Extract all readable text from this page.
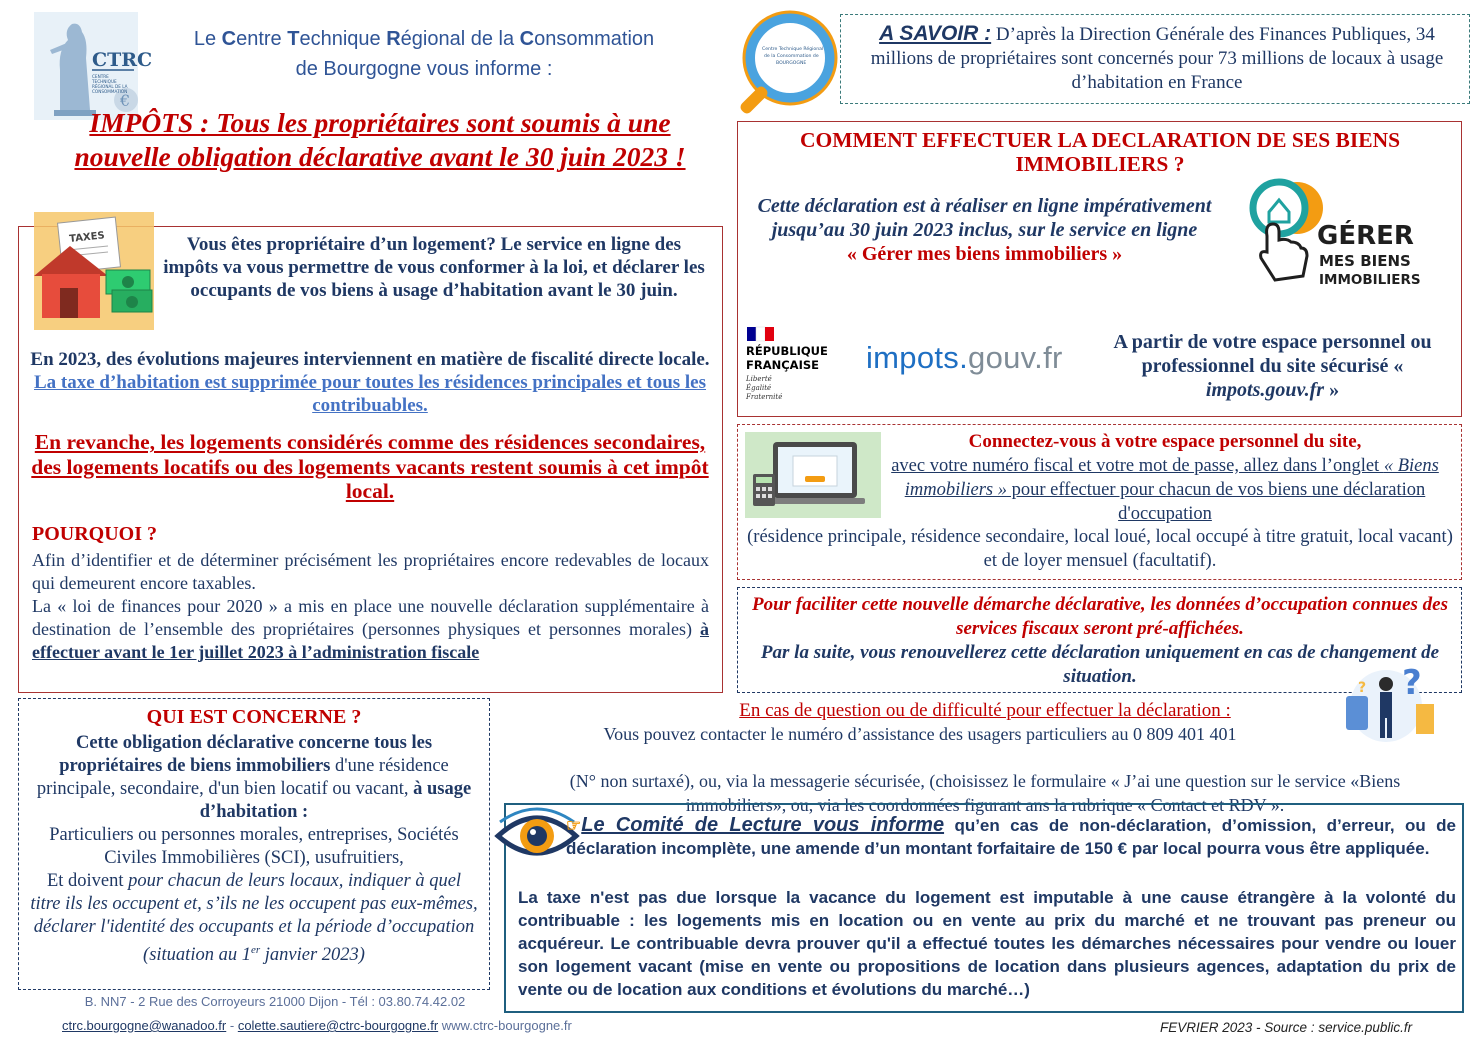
€
CTRC
CENTRE
TECHNIQUE
RÉGIONAL DE LA
CONSOMMATION
Le Centre Technique Régional de la Consommation
de Bourgogne vous informe :
IMPÔTS : Tous les propriétaires sont soumis à une nouvelle obligation déclarative avant le 30 juin 2023 !
TAXES	Vous êtes propriétaire d’un logement? Le service en ligne des impôts va vous permettre de vous conformer à la loi, et déclarer les occupants de vos biens à usage d’habitation avant le 30 juin.
En 2023, des évolutions majeures interviennent en matière de fiscalité directe locale. La taxe d’habitation est supprimée pour toutes les résidences principales et tous les contribuables.
En revanche, les logements considérés comme des résidences secondaires, des logements locatifs ou des logements vacants restent soumis à cet impôt local.
POURQUOI ?
Afin d’identifier et de déterminer précisément les propriétaires encore redevables de locaux qui demeurent encore taxables.
La « loi de finances pour 2020 » a mis en place une nouvelle déclaration supplémentaire à destination de l’ensemble des propriétaires (personnes physiques et personnes morales) à effectuer avant le 1er juillet 2023 à l’administration fiscale
QUI EST CONCERNE ?
Cette obligation déclarative concerne tous les propriétaires de biens immobiliers d'une résidence principale, secondaire, d'un bien locatif ou vacant, à usage d’habitation :
Particuliers ou personnes morales, entreprises, Sociétés Civiles Immobilières (SCI), usufruitiers,
Et doivent pour chacun de leurs locaux, indiquer à quel titre ils les occupent et, s’ils ne les occupent pas eux-mêmes, déclarer l'identité des occupants et la période d’occupation (situation au 1er janvier 2023)
B. NN7 - 2 Rue des Corroyeurs 21000 Dijon - Tél : 03.80.74.42.02
ctrc.bourgogne@wanadoo.fr - colette.sautiere@ctrc-bourgogne.fr www.ctrc-bourgogne.fr	FEVRIER 2023 - Source : service.public.fr
Centre Technique Régional
de la Consommation de
BOURGOGNE
A SAVOIR : D’après la Direction Générale des Finances Publiques, 34 millions de propriétaires sont concernés pour 73 millions de locaux à usage d’habitation en France
COMMENT EFFECTUER LA DECLARATION DE SES BIENS IMMOBILIERS ?
Cette déclaration est à réaliser en ligne impérativement jusqu’au 30 juin 2023 inclus, sur le service en ligne
« Gérer mes biens immobiliers »
GÉRER
MES BIENS
IMMOBILIERS
RÉPUBLIQUE
FRANÇAISE
Liberté
Égalité
Fraternité
impots.gouv.fr	A partir de votre espace personnel ou professionnel du site sécurisé « impots.gouv.fr »
Connectez-vous à votre espace personnel du site,
avec votre numéro fiscal et votre mot de passe, allez dans l’onglet « Biens immobiliers » pour effectuer pour chacun de vos biens une déclaration d'occupation
(résidence principale, résidence secondaire, local loué, local occupé à titre gratuit, local vacant) et de loyer mensuel (facultatif).
Pour faciliter cette nouvelle démarche déclarative, les données d’occupation connues des services fiscaux seront pré-affichées.
Par la suite, vous renouvellerez cette déclaration uniquement en cas de changement de situation.	?
?
En cas de question ou de difficulté pour effectuer la déclaration :
Vous pouvez contacter le numéro d’assistance des usagers particuliers au 0 809 401 401
(N° non surtaxé), ou, via la messagerie sécurisée, (choisissez le formulaire « J’ai une question sur le service «Biens immobiliers», ou, via les coordonnées figurant ans la rubrique « Contact et RDV ».
☞Le Comité de Lecture vous informe qu’en cas de non-déclaration, d’omission, d’erreur, ou de déclaration incomplète, une amende d’un montant forfaitaire de 150 € par local pourra vous être appliquée.
La taxe n'est pas due lorsque la vacance du logement est imputable à une cause étrangère à la volonté du contribuable : les logements mis en location ou en vente au prix du marché et ne trouvant pas preneur ou acquéreur. Le contribuable devra prouver qu'il a effectué toutes les démarches nécessaires pour vendre ou louer son logement vacant (mise en vente ou propositions de location dans plusieurs agences, adaptation du prix de vente ou de location aux conditions et évolutions du marché…)
